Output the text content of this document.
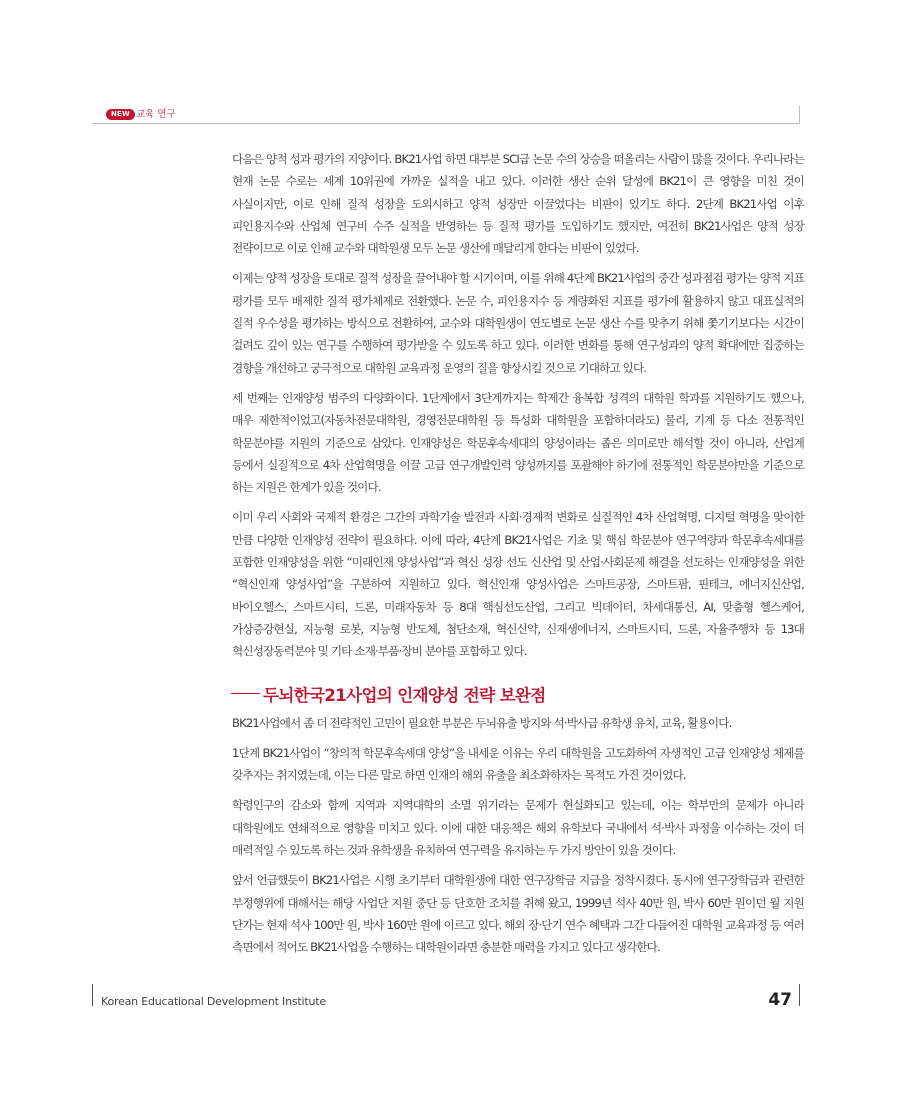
NEW 교육 연구

다음은 양적 성과 평가의 지양이다. BK21사업 하면 대부분 SCI급 논문 수의 상승을 떠올리는 사람이 많을 것이다. 우리나라는 현재 논문 수로는 세계 10위권에 가까운 실적을 내고 있다. 이러한 생산 순위 달성에 BK21이 큰 영향을 미친 것이 사실이지만, 이로 인해 질적 성장을 도외시하고 양적 성장만 이끌었다는 비판이 있기도 하다. 2단계 BK21사업 이후 피인용지수와 산업체 연구비 수주 실적을 반영하는 등 질적 평가를 도입하기도 했지만, 여전히 BK21사업은 양적 성장 전략이므로 이로 인해 교수와 대학원생 모두 논문 생산에 매달리게 한다는 비판이 있었다.

이제는 양적 성장을 토대로 질적 성장을 끌어내야 할 시기이며, 이를 위해 4단계 BK21사업의 중간 성과점검 평가는 양적 지표 평가를 모두 배제한 질적 평가체제로 전환했다. 논문 수, 피인용지수 등 계량화된 지표를 평가에 활용하지 않고 대표실적의 질적 우수성을 평가하는 방식으로 전환하여, 교수와 대학원생이 연도별로 논문 생산 수를 맞추기 위해 쫓기기보다는 시간이 걸려도 깊이 있는 연구를 수행하여 평가받을 수 있도록 하고 있다. 이러한 변화를 통해 연구성과의 양적 확대에만 집중하는 경향을 개선하고 궁극적으로 대학원 교육과정 운영의 질을 향상시킬 것으로 기대하고 있다.

세 번째는 인재양성 범주의 다양화이다. 1단계에서 3단계까지는 학제간 융복합 성격의 대학원 학과를 지원하기도 했으나, 매우 제한적이었고(자동차전문대학원, 경영전문대학원 등 특성화 대학원을 포함하더라도) 물리, 기계 등 다소 전통적인 학문분야를 지원의 기준으로 삼았다. 인재양성은 학문후속세대의 양성이라는 좁은 의미로만 해석할 것이 아니라, 산업계 등에서 실질적으로 4차 산업혁명을 이끌 고급 연구개발인력 양성까지를 포괄해야 하기에 전통적인 학문분야만을 기준으로 하는 지원은 한계가 있을 것이다.

이미 우리 사회와 국제적 환경은 그간의 과학기술 발전과 사회·경제적 변화로 실질적인 4차 산업혁명, 디지털 혁명을 맞이한 만큼 다양한 인재양성 전략이 필요하다. 이에 따라, 4단계 BK21사업은 기초 및 핵심 학문분야 연구역량과 학문후속세대를 포함한 인재양성을 위한 “미래인재 양성사업”과 혁신 성장 선도 신산업 및 산업·사회문제 해결을 선도하는 인재양성을 위한 “혁신인재 양성사업”을 구분하여 지원하고 있다. 혁신인재 양성사업은 스마트공장, 스마트팜, 핀테크, 에너지신산업, 바이오헬스, 스마트시티, 드론, 미래자동차 등 8대 핵심선도산업, 그리고 빅데이터, 차세대통신, AI, 맞춤형 헬스케어, 가상증강현실, 지능형 로봇, 지능형 반도체, 첨단소재, 혁신신약, 신재생에너지, 스마트시티, 드론, 자율주행차 등 13대 혁신성장동력분야 및 기타 소재·부품·장비 분야를 포함하고 있다.

두뇌한국21사업의 인재양성 전략 보완점

BK21사업에서 좀 더 전략적인 고민이 필요한 부분은 두뇌유출 방지와 석·박사급 유학생 유치, 교육, 활용이다.

1단계 BK21사업이 “창의적 학문후속세대 양성”을 내세운 이유는 우리 대학원을 고도화하여 자생적인 고급 인재양성 체제를 갖추자는 취지였는데, 이는 다른 말로 하면 인재의 해외 유출을 최소화하자는 목적도 가진 것이었다.

학령인구의 감소와 함께 지역과 지역대학의 소멸 위기라는 문제가 현실화되고 있는데, 이는 학부만의 문제가 아니라 대학원에도 연쇄적으로 영향을 미치고 있다. 이에 대한 대응책은 해외 유학보다 국내에서 석·박사 과정을 이수하는 것이 더 매력적일 수 있도록 하는 것과 유학생을 유치하여 연구력을 유지하는 두 가지 방안이 있을 것이다.

앞서 언급했듯이 BK21사업은 시행 초기부터 대학원생에 대한 연구장학금 지급을 정착시켰다. 동시에 연구장학금과 관련한 부정행위에 대해서는 해당 사업단 지원 중단 등 단호한 조치를 취해 왔고, 1999년 석사 40만 원, 박사 60만 원이던 월 지원 단가는 현재 석사 100만 원, 박사 160만 원에 이르고 있다. 해외 장·단기 연수 혜택과 그간 다듬어진 대학원 교육과정 등 여러 측면에서 적어도 BK21사업을 수행하는 대학원이라면 충분한 매력을 가지고 있다고 생각한다.

Korean Educational Development Institute	47
